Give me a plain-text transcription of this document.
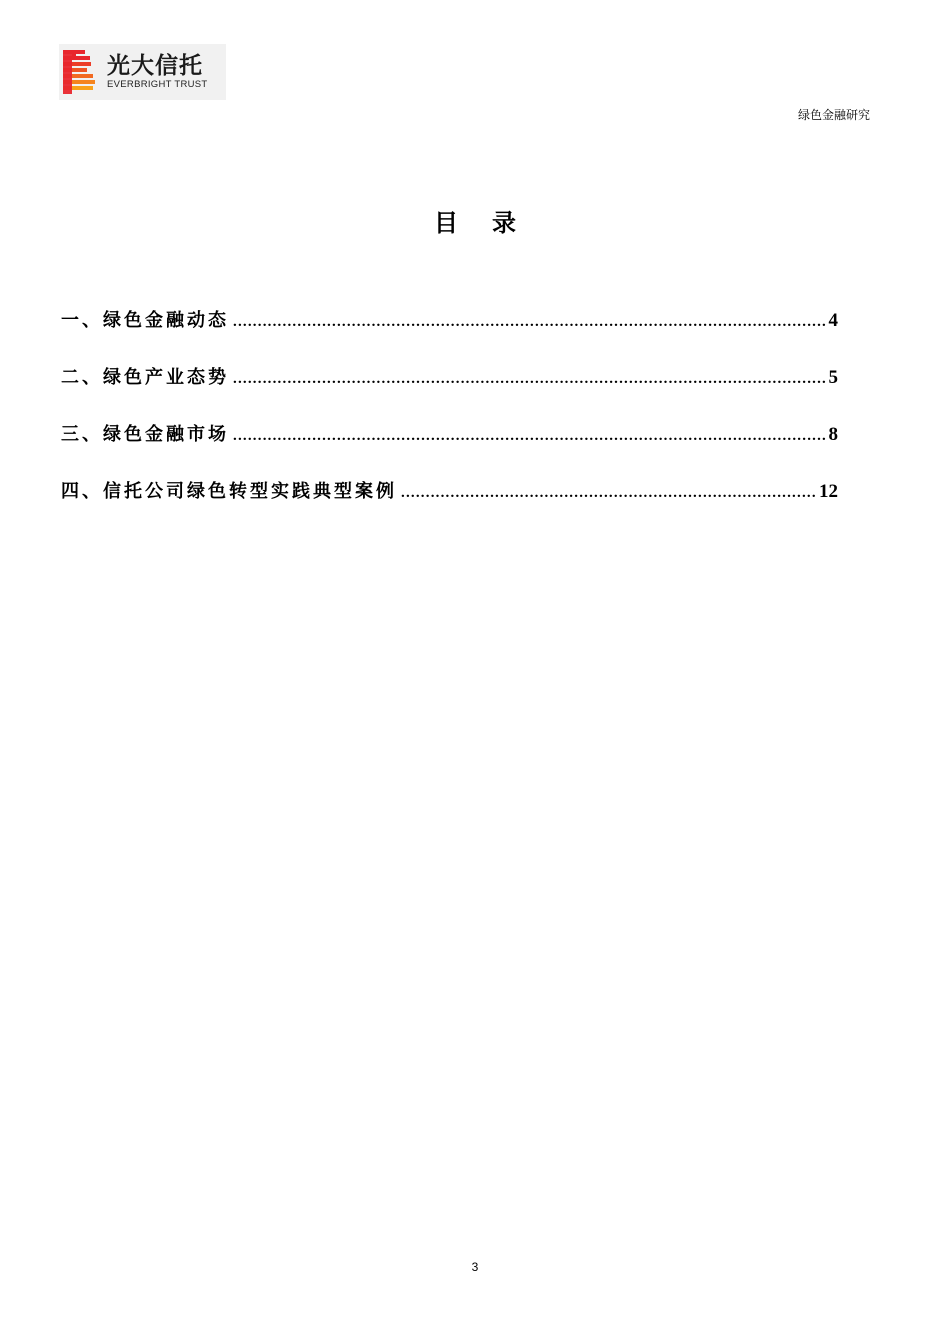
光大信托
EVERBRIGHT TRUST
绿色金融研究
目录
一、绿色金融动态 .....	4
二、绿色产业态势 .....	5
三、绿色金融市场 .....	8
四、信托公司绿色转型实践典型案例 .....	12
3
